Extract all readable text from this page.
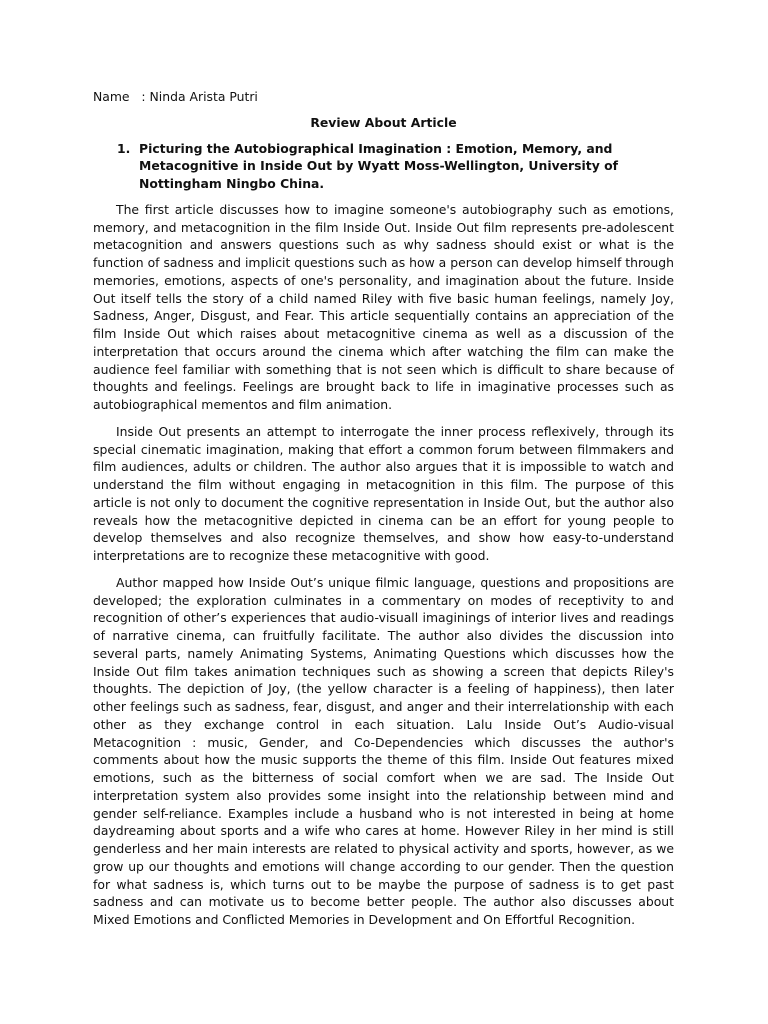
Name : Ninda Arista Putri
Review About Article
1. Picturing the Autobiographical Imagination : Emotion, Memory, and Metacognitive in Inside Out by Wyatt Moss-Wellington, University of Nottingham Ningbo China.

The first article discusses how to imagine someone's autobiography such as emotions, memory, and metacognition in the film Inside Out. Inside Out film represents pre-adolescent metacognition and answers questions such as why sadness should exist or what is the function of sadness and implicit questions such as how a person can develop himself through memories, emotions, aspects of one's personality, and imagination about the future. Inside Out itself tells the story of a child named Riley with five basic human feelings, namely Joy, Sadness, Anger, Disgust, and Fear. This article sequentially contains an appreciation of the film Inside Out which raises about metacognitive cinema as well as a discussion of the interpretation that occurs around the cinema which after watching the film can make the audience feel familiar with something that is not seen which is difficult to share because of thoughts and feelings. Feelings are brought back to life in imaginative processes such as autobiographical mementos and film animation.

Inside Out presents an attempt to interrogate the inner process reflexively, through its special cinematic imagination, making that effort a common forum between filmmakers and film audiences, adults or children. The author also argues that it is impossible to watch and understand the film without engaging in metacognition in this film. The purpose of this article is not only to document the cognitive representation in Inside Out, but the author also reveals how the metacognitive depicted in cinema can be an effort for young people to develop themselves and also recognize themselves, and show how easy-to-understand interpretations are to recognize these metacognitive with good.

Author mapped how Inside Out’s unique filmic language, questions and propositions are developed; the exploration culminates in a commentary on modes of receptivity to and recognition of other’s experiences that audio-visuall imaginings of interior lives and readings of narrative cinema, can fruitfully facilitate. The author also divides the discussion into several parts, namely Animating Systems, Animating Questions which discusses how the Inside Out film takes animation techniques such as showing a screen that depicts Riley's thoughts. The depiction of Joy, (the yellow character is a feeling of happiness), then later other feelings such as sadness, fear, disgust, and anger and their interrelationship with each other as they exchange control in each situation. Lalu Inside Out’s Audio-visual Metacognition : music, Gender, and Co-Dependencies which discusses the author's comments about how the music supports the theme of this film. Inside Out features mixed emotions, such as the bitterness of social comfort when we are sad. The Inside Out interpretation system also provides some insight into the relationship between mind and gender self-reliance. Examples include a husband who is not interested in being at home daydreaming about sports and a wife who cares at home. However Riley in her mind is still genderless and her main interests are related to physical activity and sports, however, as we grow up our thoughts and emotions will change according to our gender. Then the question for what sadness is, which turns out to be maybe the purpose of sadness is to get past sadness and can motivate us to become better people. The author also discusses about Mixed Emotions and Conflicted Memories in Development and On Effortful Recognition.
